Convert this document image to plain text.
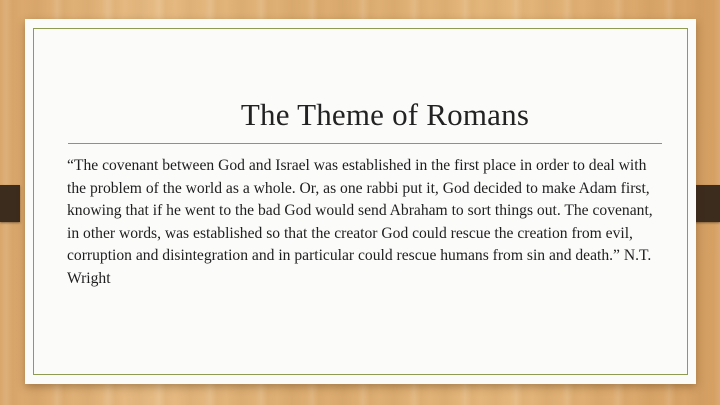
The Theme of Romans

“The covenant between God and Israel was established in the first place in order to deal with the problem of the world as a whole. Or, as one rabbi put it, God decided to make Adam first, knowing that if he went to the bad God would send Abraham to sort things out. The covenant, in other words, was established so that the creator God could rescue the creation from evil, corruption and disintegration and in particular could rescue humans from sin and death.” N.T. Wright
